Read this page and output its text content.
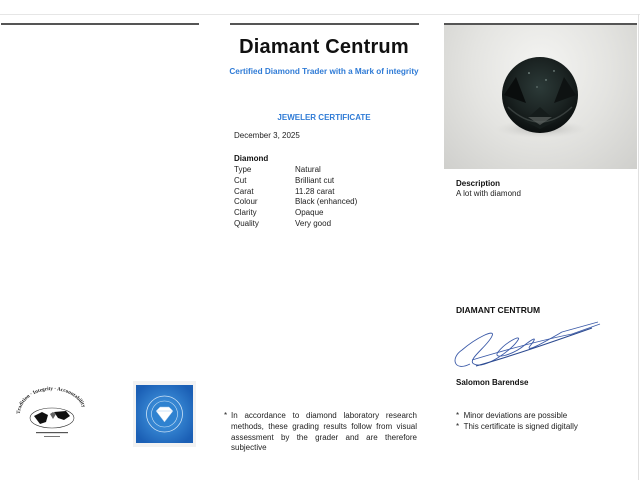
Diamant Centrum
Certified Diamond Trader with a Mark of integrity
JEWELER CERTIFICATE
December 3, 2025
Diamond
Type	Natural
Cut	Brilliant cut
Carat	11.28 carat
Colour	Black (enhanced)
Clarity	Opaque
Quality	Very good
Description
A lot with diamond
DIAMANT CENTRUM
Salomon Barendse
* Minor deviations are possible
* This certificate is signed digitally
* In accordance to diamond laboratory research methods, these grading results follow from visual assessment by the grader and are therefore subjective
Tradition · Integrity · Accountability
